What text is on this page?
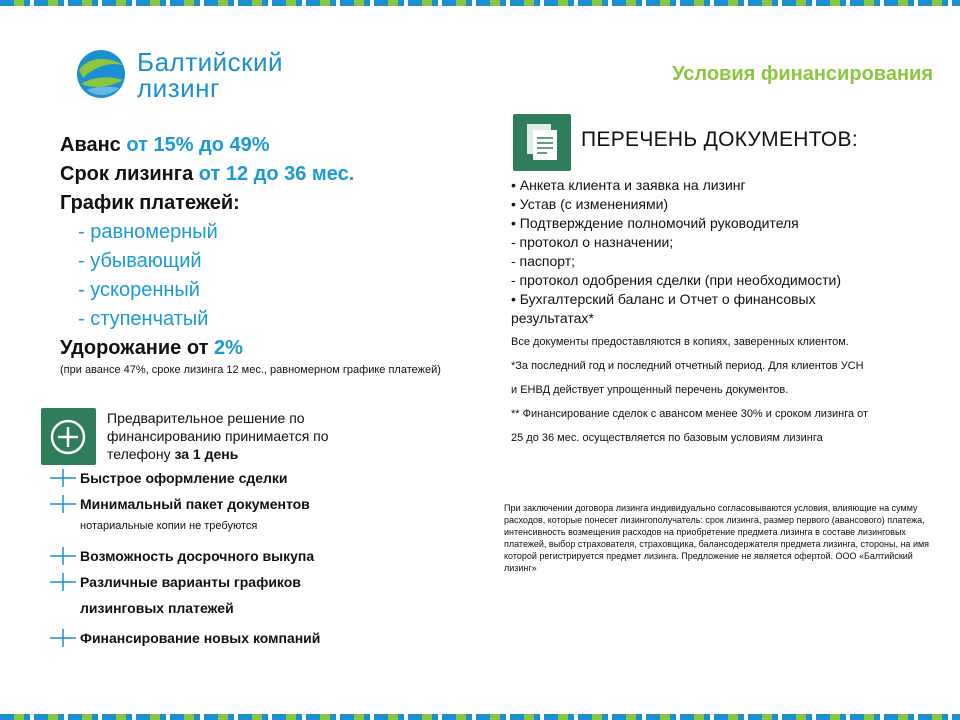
Балтийский
лизинг	Условия финансирования
Аванс от 15% до 49%
Срок лизинга от 12 до 36 мес.
График платежей:
- равномерный
- убывающий
- ускоренный
- ступенчатый
Удорожание от 2%
(при авансе 47%, сроке лизинга 12 мес., равномерном графике платежей)
Предварительное решение по финансированию принимается по телефону за 1 день
Быстрое оформление сделки
Минимальный пакет документов
нотариальные копии не требуются
Возможность досрочного выкупа
Различные варианты графиков
лизинговых платежей
Финансирование новых компаний
ПЕРЕЧЕНЬ ДОКУМЕНТОВ:
• Анкета клиента и заявка на лизинг
• Устав (с изменениями)
• Подтверждение полномочий руководителя
- протокол о назначении;
- паспорт;
- протокол одобрения сделки (при необходимости)
• Бухгалтерский баланс и Отчет о финансовых
результатах*
Все документы предоставляются в копиях, заверенных клиентом.
*За последний год и последний отчетный период. Для клиентов УСН
и ЕНВД действует упрощенный перечень документов.
** Финансирование сделок с авансом менее 30% и сроком лизинга от
25 до 36 мес. осуществляется по базовым условиям лизинга
При заключении договора лизинга индивидуально согласовываются условия, влияющие на сумму расходов, которые понесет лизингополучатель: срок лизинга, размер первого (авансового) платежа, интенсивность возмещения расходов на приобретение предмета лизинга в составе лизинговых платежей, выбор страхователя, страховщика, балансодержателя предмета лизинга, стороны, на имя которой регистрируется предмет лизинга. Предложение не является офертой. ООО «Балтийский лизинг»
